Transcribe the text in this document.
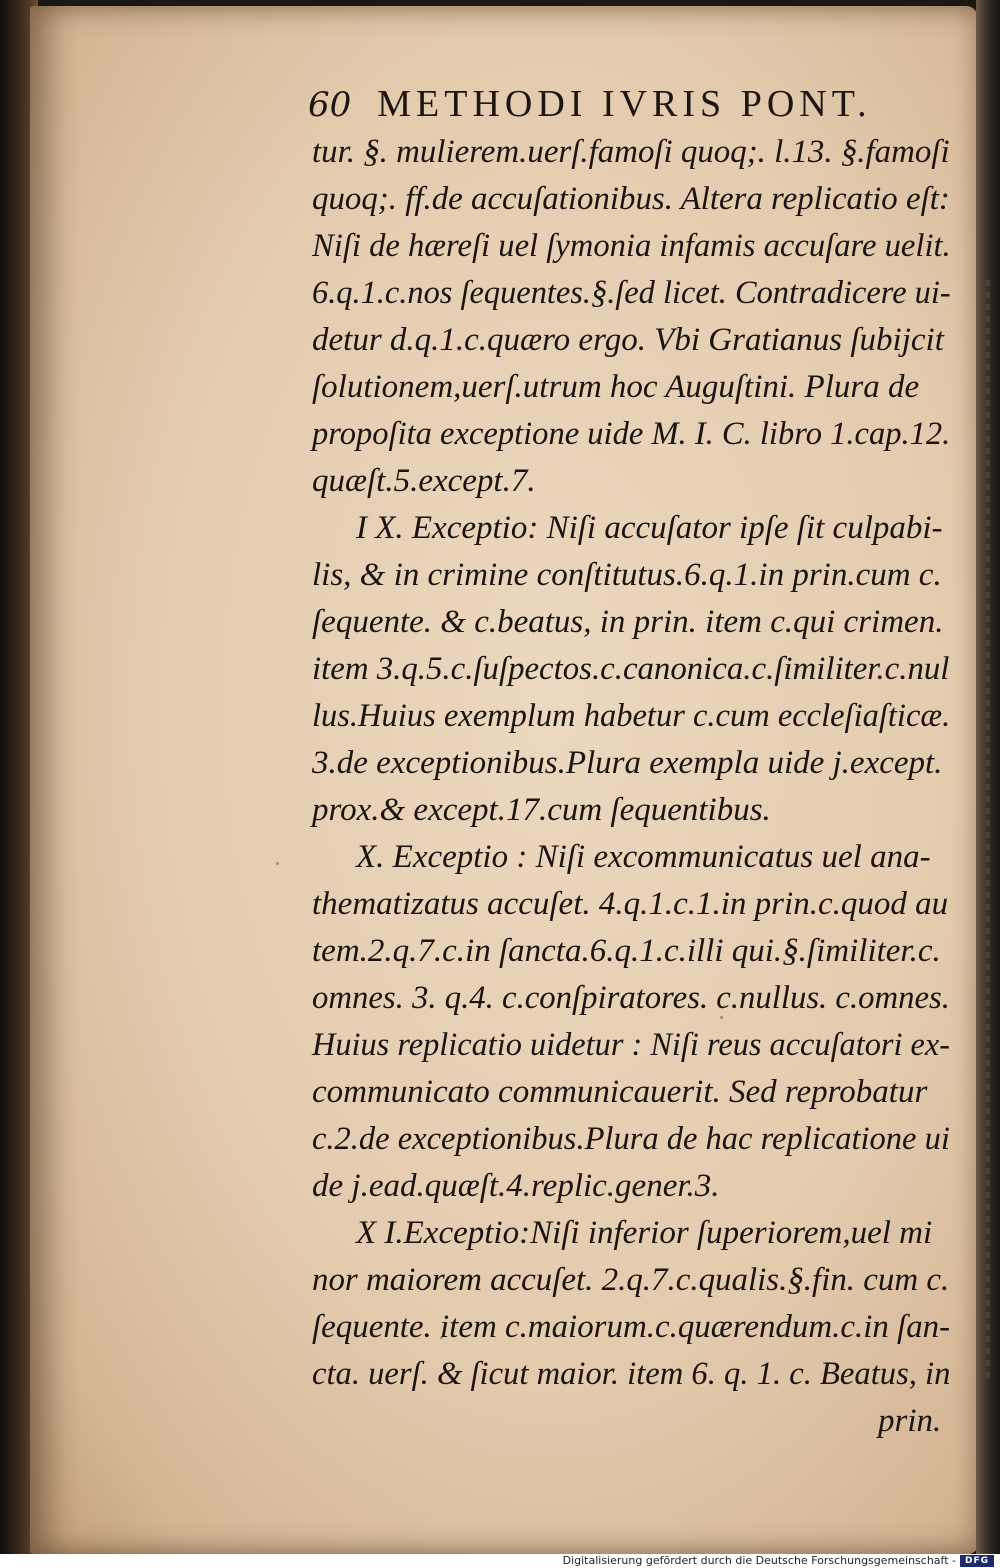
60 METHODI IVRIS PONT.
tur. §. mulierem.uerſ.famoſi quoq;. l.13. §.famoſi
quoq;. ff.de accuſationibus. Altera replicatio eſt:
Niſi de hæreſi uel ſymonia infamis accuſare uelit.
6.q.1.c.nos ſequentes.§.ſed licet. Contradicere ui-
detur d.q.1.c.quæro ergo. Vbi Gratianus ſubijcit
ſolutionem,uerſ.utrum hoc Auguſtini. Plura de
propoſita exceptione uide M. I. C. libro 1.cap.12.
quæſt.5.except.7.
I X. Exceptio: Niſi accuſator ipſe ſit culpabi-
lis, & in crimine conſtitutus.6.q.1.in prin.cum c.
ſequente. & c.beatus, in prin. item c.qui crimen.
item 3.q.5.c.ſuſpectos.c.canonica.c.ſimiliter.c.nul
lus.Huius exemplum habetur c.cum eccleſiaſticæ.
3.de exceptionibus.Plura exempla uide j.except.
prox.& except.17.cum ſequentibus.
X. Exceptio : Niſi excommunicatus uel ana-
thematizatus accuſet. 4.q.1.c.1.in prin.c.quod au
tem.2.q.7.c.in ſancta.6.q.1.c.illi qui.§.ſimiliter.c.
omnes. 3. q.4. c.conſpiratores. c.nullus. c.omnes.
Huius replicatio uidetur : Niſi reus accuſatori ex-
communicato communicauerit. Sed reprobatur
c.2.de exceptionibus.Plura de hac replicatione ui
de j.ead.quæſt.4.replic.gener.3.
X I.Exceptio:Niſi inferior ſuperiorem,uel mi
nor maiorem accuſet. 2.q.7.c.qualis.§.fin. cum c.
ſequente. item c.maiorum.c.quærendum.c.in ſan-
cta. uerſ. & ſicut maior. item 6. q. 1. c. Beatus, in
prin.
Digitalisierung gefördert durch die Deutsche Forschungsgemeinschaft - DFG
